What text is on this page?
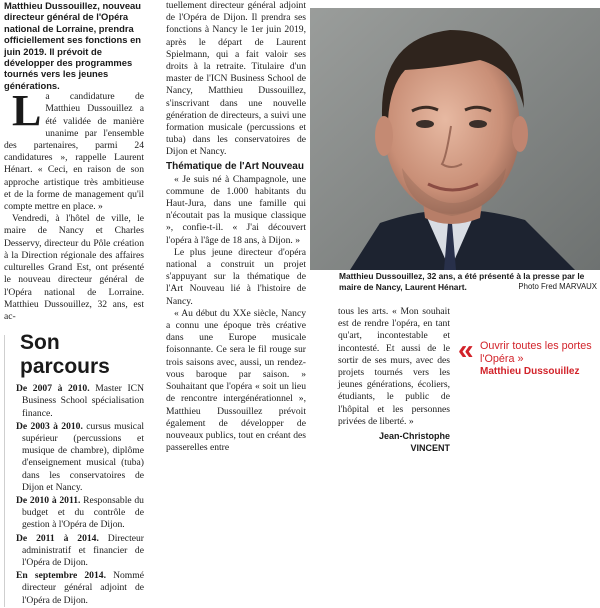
Matthieu Dussouillez, nouveau directeur général de l'Opéra national de Lorraine, prendra officiellement ses fonctions en juin 2019. Il prévoit de développer des programmes tournés vers les jeunes générations.

La candidature de Matthieu Dussouillez a été validée de manière unanime par l'ensemble des partenaires, parmi 24 candidatures », rappelle Laurent Hénart. « Ceci, en raison de son approche artistique très ambitieuse et de la forme de management qu'il compte mettre en place. »

Vendredi, à l'hôtel de ville, le maire de Nancy et Charles Desservy, directeur du Pôle création à la Direction régionale des affaires culturelles Grand Est, ont présenté le nouveau directeur général de l'Opéra national de Lorraine. Matthieu Dussouillez, 32 ans, est ac-

Son parcours

De 2007 à 2010. Master ICN Business School spécialisation finance.

De 2003 à 2010. cursus musical supérieur (percussions et musique de chambre), diplôme d'enseignement musical (tuba) dans les conservatoires de Dijon et Nancy.

De 2010 à 2011. Responsable du budget et du contrôle de gestion à l'Opéra de Dijon.

De 2011 à 2014. Directeur administratif et financier de l'Opéra de Dijon.

En septembre 2014. Nommé directeur général adjoint de l'Opéra de Dijon.

tuellement directeur général adjoint de l'Opéra de Dijon. Il prendra ses fonctions à Nancy le 1er juin 2019, après le départ de Laurent Spielmann, qui a fait valoir ses droits à la retraite. Titulaire d'un master de l'ICN Business School de Nancy, Matthieu Dussouillez, s'inscrivant dans une nouvelle génération de directeurs, a suivi une formation musicale (percussions et tuba) dans les conservatoires de Dijon et Nancy.

Thématique de l'Art Nouveau

« Je suis né à Champagnole, une commune de 1.000 habitants du Haut-Jura, dans une famille qui n'écoutait pas la musique classique », confie-t-il. « J'ai découvert l'opéra à l'âge de 18 ans, à Dijon. »

Le plus jeune directeur d'opéra national a construit un projet s'appuyant sur la thématique de l'Art Nouveau lié à l'histoire de Nancy.

« Au début du XXe siècle, Nancy a connu une époque très créative dans une Europe musicale foisonnante. Ce sera le fil rouge sur trois saisons avec, aussi, un rendez-vous baroque par saison. » Souhaitant que l'opéra « soit un lieu de rencontre intergénérationnel », Matthieu Dussouillez prévoit également de développer de nouveaux publics, tout en créant des passerelles entre

Matthieu Dussouillez, 32 ans, a été présenté à la presse par le maire de Nancy, Laurent Hénart.	Photo Fred MARVAUX

tous les arts. « Mon souhait est de rendre l'opéra, en tant qu'art, incontestable et incontesté. Et aussi de le sortir de ses murs, avec des projets tournés vers les jeunes générations, écoliers, étudiants, le public de l'hôpital et les personnes privées de liberté. »

Jean-Christophe VINCENT

« Ouvrir toutes les portes l'Opéra »
Matthieu Dussouillez
